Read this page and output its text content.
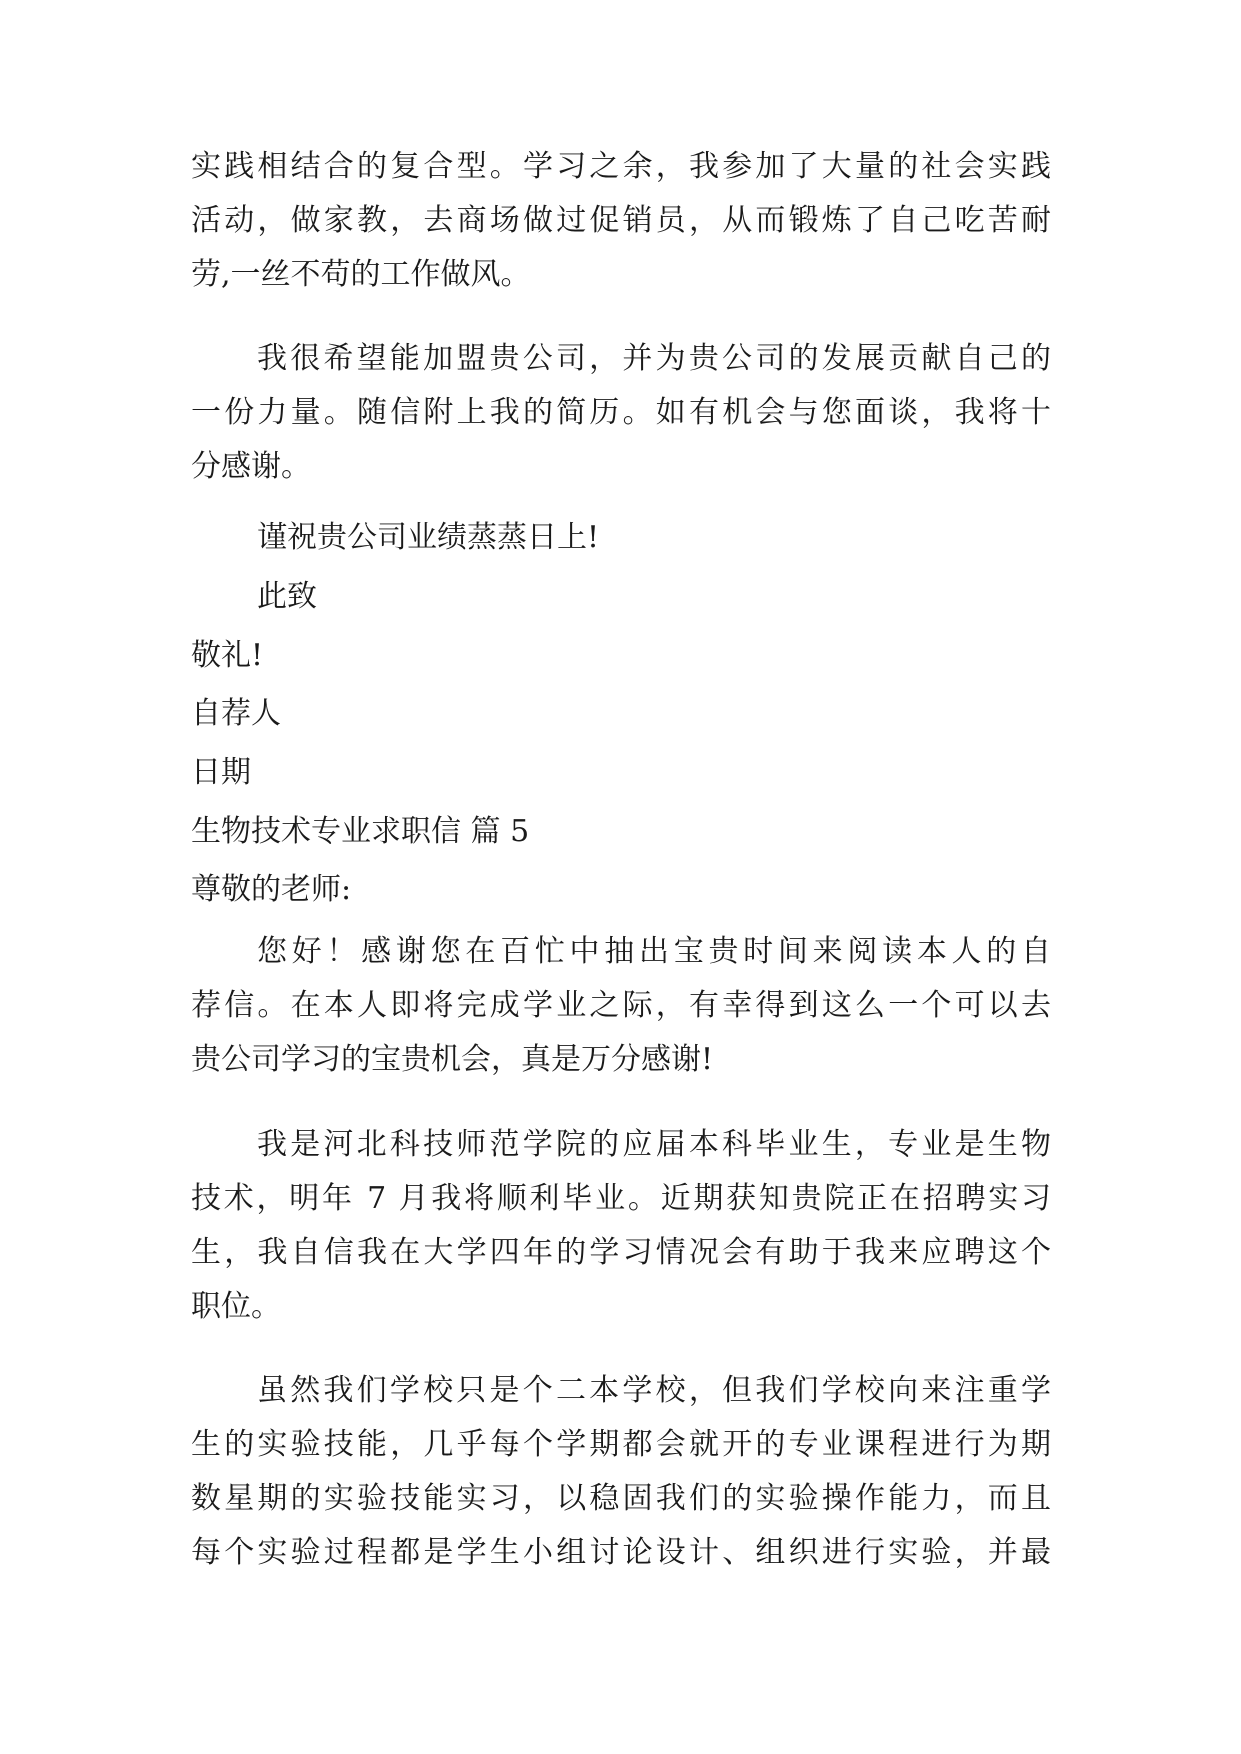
实践相结合的复合型。学习之余，我参加了大量的社会实践
活动，做家教，去商场做过促销员，从而锻炼了自己吃苦耐
劳,一丝不苟的工作做风。
我很希望能加盟贵公司，并为贵公司的发展贡献自己的
一份力量。随信附上我的简历。如有机会与您面谈，我将十
分感谢。
谨祝贵公司业绩蒸蒸日上!
此致
敬礼!
自荐人
日期
生物技术专业求职信 篇 5
尊敬的老师:
您好！感谢您在百忙中抽出宝贵时间来阅读本人的自
荐信。在本人即将完成学业之际，有幸得到这么一个可以去
贵公司学习的宝贵机会，真是万分感谢!
我是河北科技师范学院的应届本科毕业生，专业是生物
技术，明年 7 月我将顺利毕业。近期获知贵院正在招聘实习
生，我自信我在大学四年的学习情况会有助于我来应聘这个
职位。
虽然我们学校只是个二本学校，但我们学校向来注重学
生的实验技能，几乎每个学期都会就开的专业课程进行为期
数星期的实验技能实习，以稳固我们的实验操作能力，而且
每个实验过程都是学生小组讨论设计、组织进行实验，并最
